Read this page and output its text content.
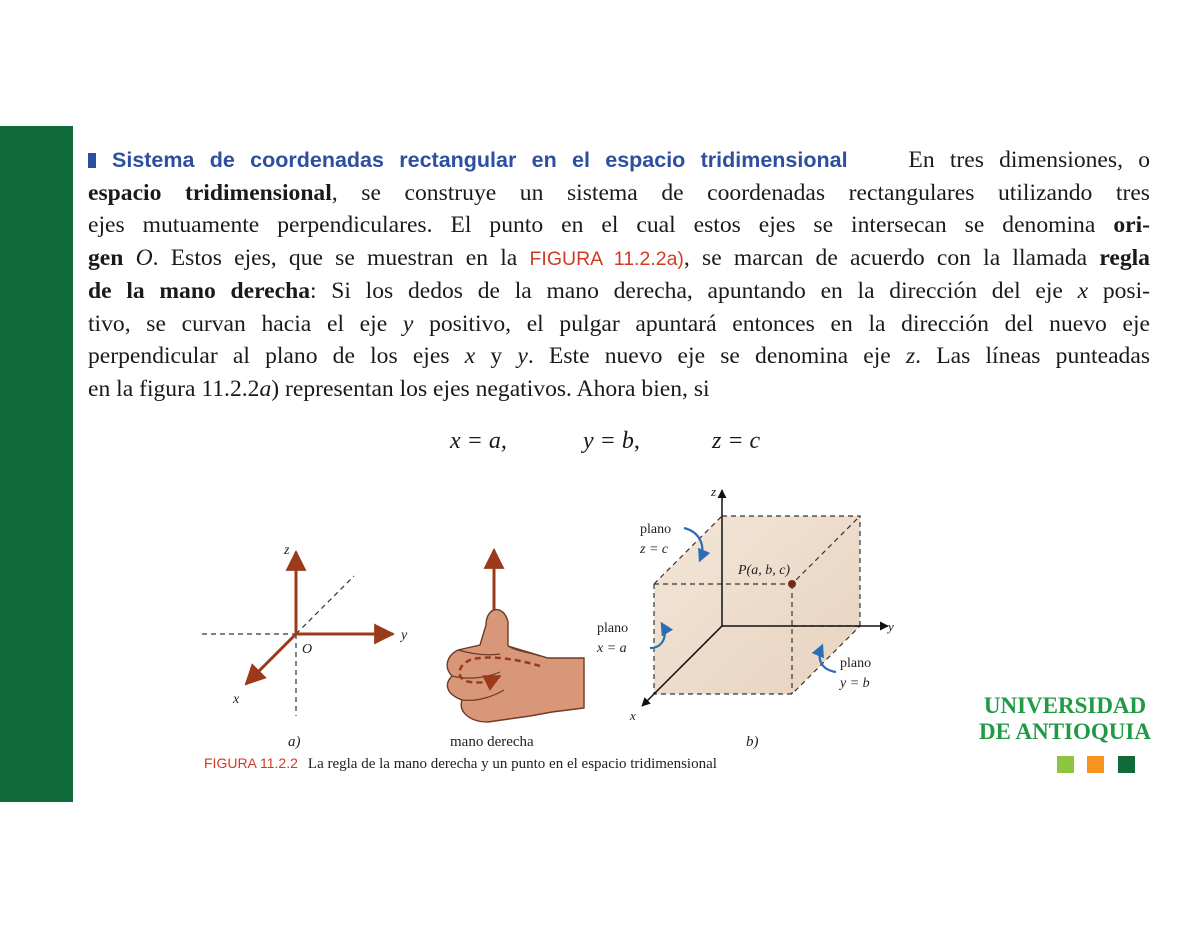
Sistema de coordenadas rectangular en el espacio tridimensional	En tres dimensiones, o
espacio tridimensional, se construye un sistema de coordenadas rectangulares utilizando tres
ejes mutuamente perpendiculares. El punto en el cual estos ejes se intersecan se denomina ori-
gen O. Estos ejes, que se muestran en la FIGURA 11.2.2a), se marcan de acuerdo con la llamada regla
de la mano derecha: Si los dedos de la mano derecha, apuntando en la dirección del eje x posi-
tivo, se curvan hacia el eje y positivo, el pulgar apuntará entonces en la dirección del nuevo eje
perpendicular al plano de los ejes x y y. Este nuevo eje se denomina eje z. Las líneas punteadas
en la figura 11.2.2a) representan los ejes negativos. Ahora bien, si
x = a,	y = b,	z = c
z
y
x
O
P(a, b, c)
z
y
x
plano
z = c
plano
x = a
plano
y = b
a)	mano derecha	b)
FIGURA 11.2.2 La regla de la mano derecha y un punto en el espacio tridimensional
UNIVERSIDAD
DE ANTIOQUIA
